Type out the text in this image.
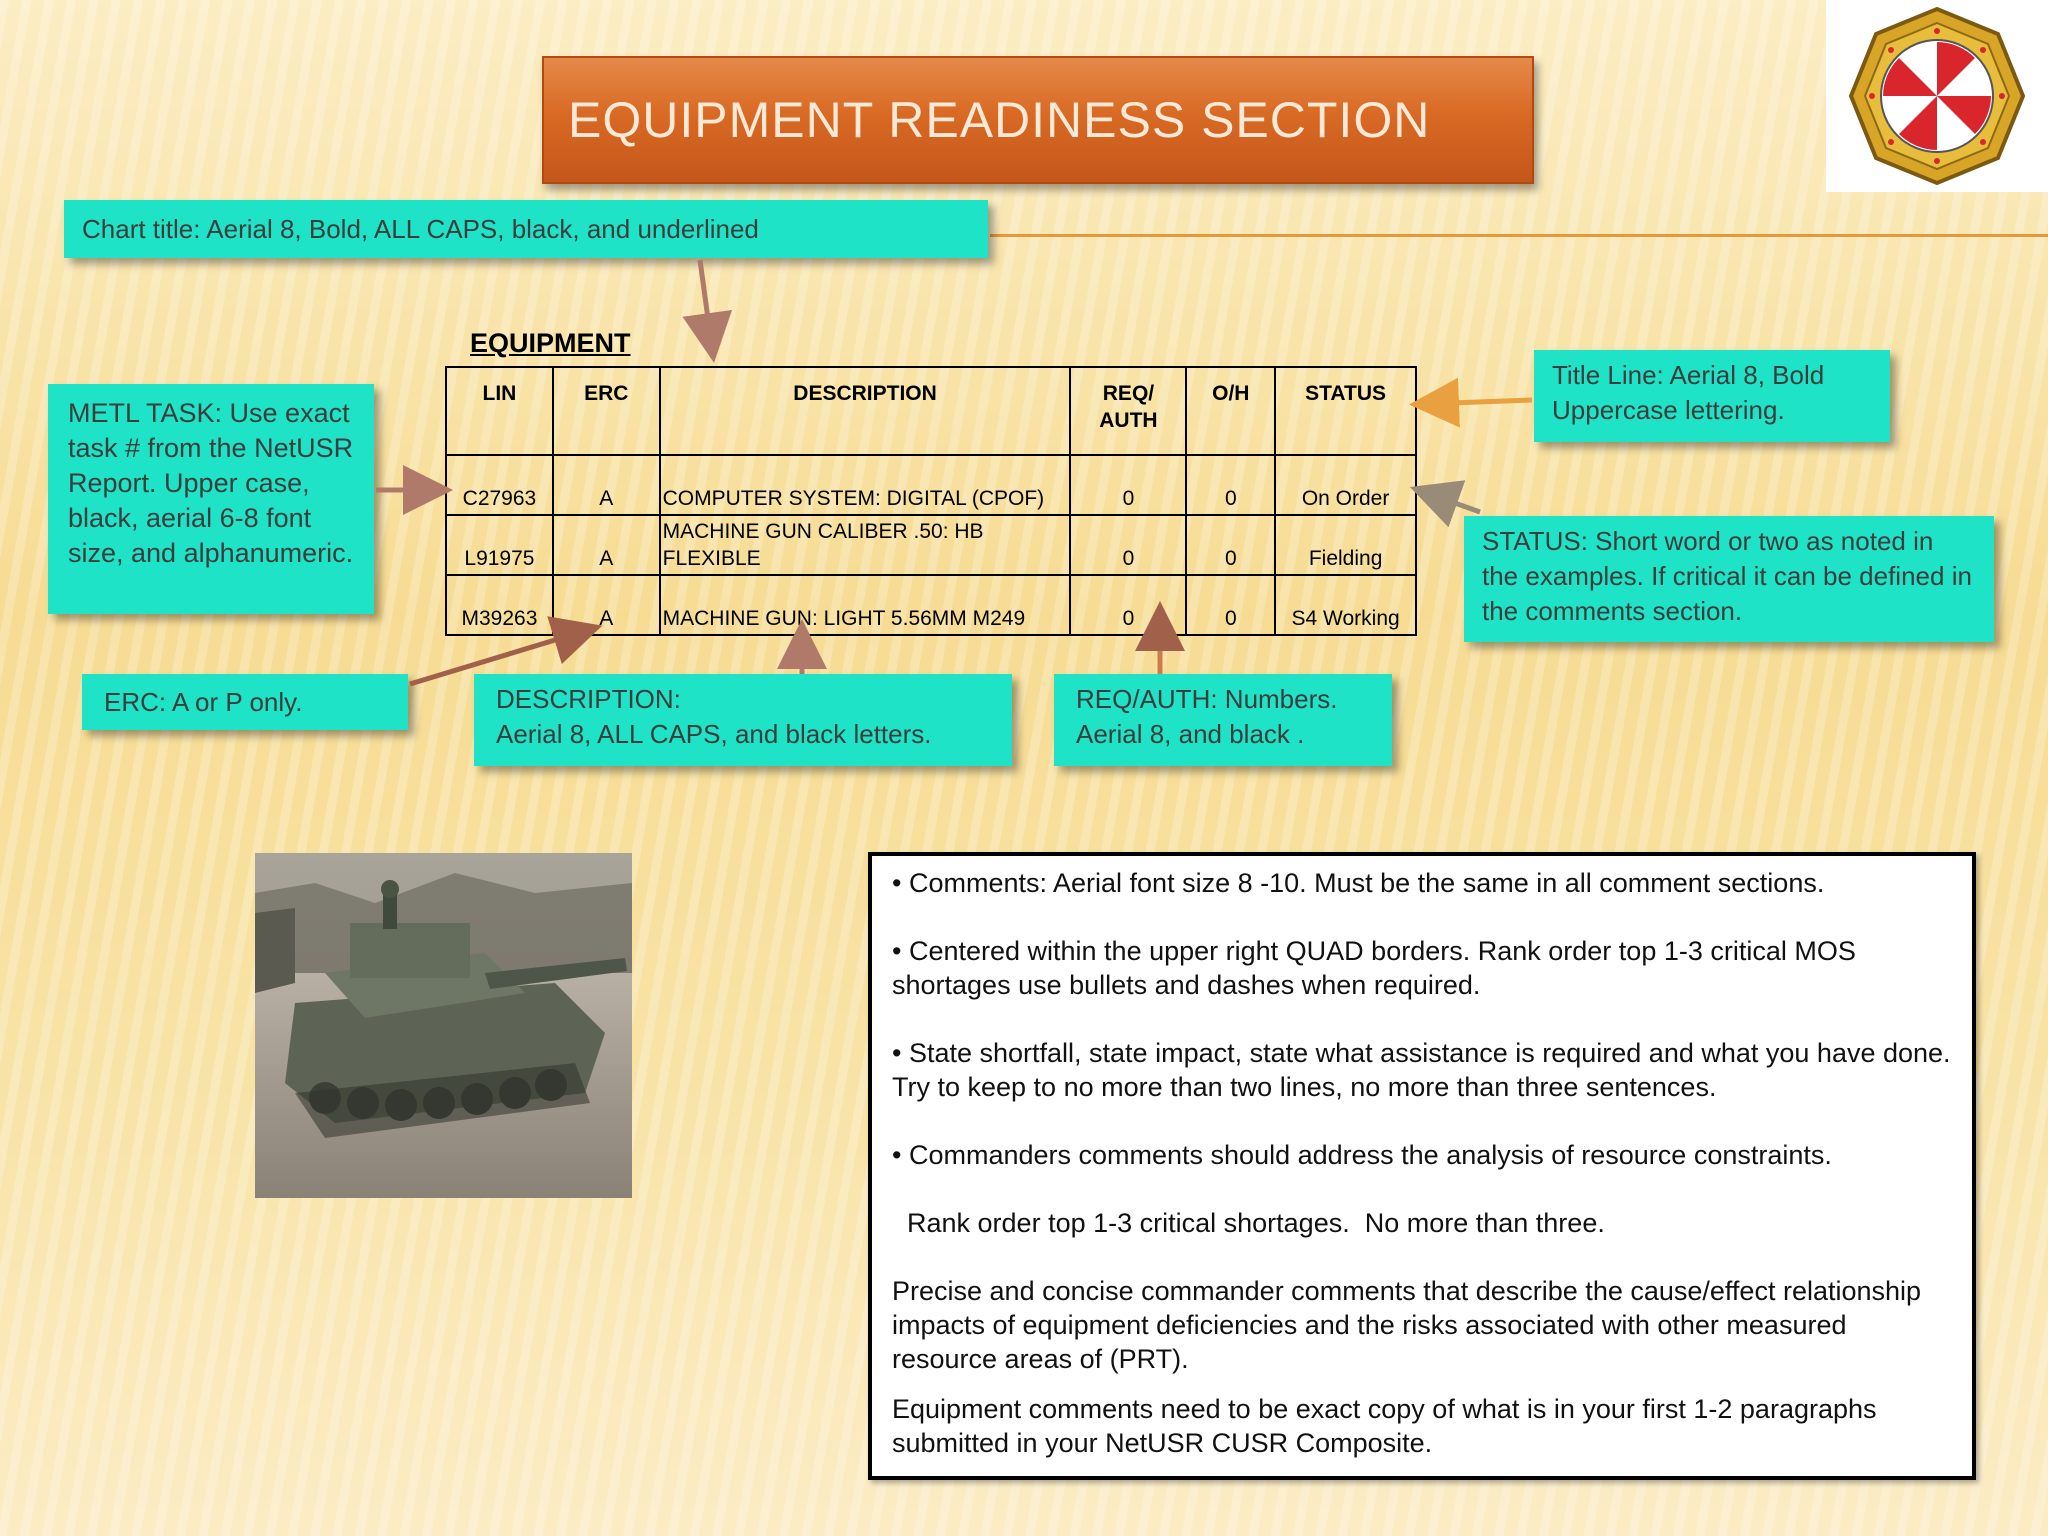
EQUIPMENT READINESS SECTION
Chart title: Aerial 8, Bold, ALL CAPS, black, and underlined
METL TASK: Use exact task # from the NetUSR Report. Upper case, black, aerial 6-8 font size, and alphanumeric.
Title Line: Aerial 8, Bold Uppercase lettering.
STATUS: Short word or two as noted in the examples. If critical it can be defined in the comments section.
ERC: A or P only.	DESCRIPTION:
Aerial 8, ALL CAPS, and black letters.
REQ/AUTH: Numbers.
Aerial 8, and black .
EQUIPMENT
LIN	ERC	DESCRIPTION	REQ/ AUTH	O/H	STATUS
C27963	A	COMPUTER SYSTEM: DIGITAL (CPOF)	0	0	On Order
L91975	A	MACHINE GUN CALIBER .50: HB FLEXIBLE	0	0	Fielding
M39263	A	MACHINE GUN: LIGHT 5.56MM M249	0	0	S4 Working

• Comments: Aerial font size 8 -10. Must be the same in all comment sections.

• Centered within the upper right QUAD borders. Rank order top 1-3 critical MOS shortages use bullets and dashes when required.

• State shortfall, state impact, state what assistance is required and what you have done. Try to keep to no more than two lines, no more than three sentences.

• Commanders comments should address the analysis of resource constraints.

Rank order top 1-3 critical shortages.  No more than three.

Precise and concise commander comments that describe the cause/effect relationship impacts of equipment deficiencies and the risks associated with other measured resource areas of (PRT).

Equipment comments need to be exact copy of what is in your first 1-2 paragraphs submitted in your NetUSR CUSR Composite.
